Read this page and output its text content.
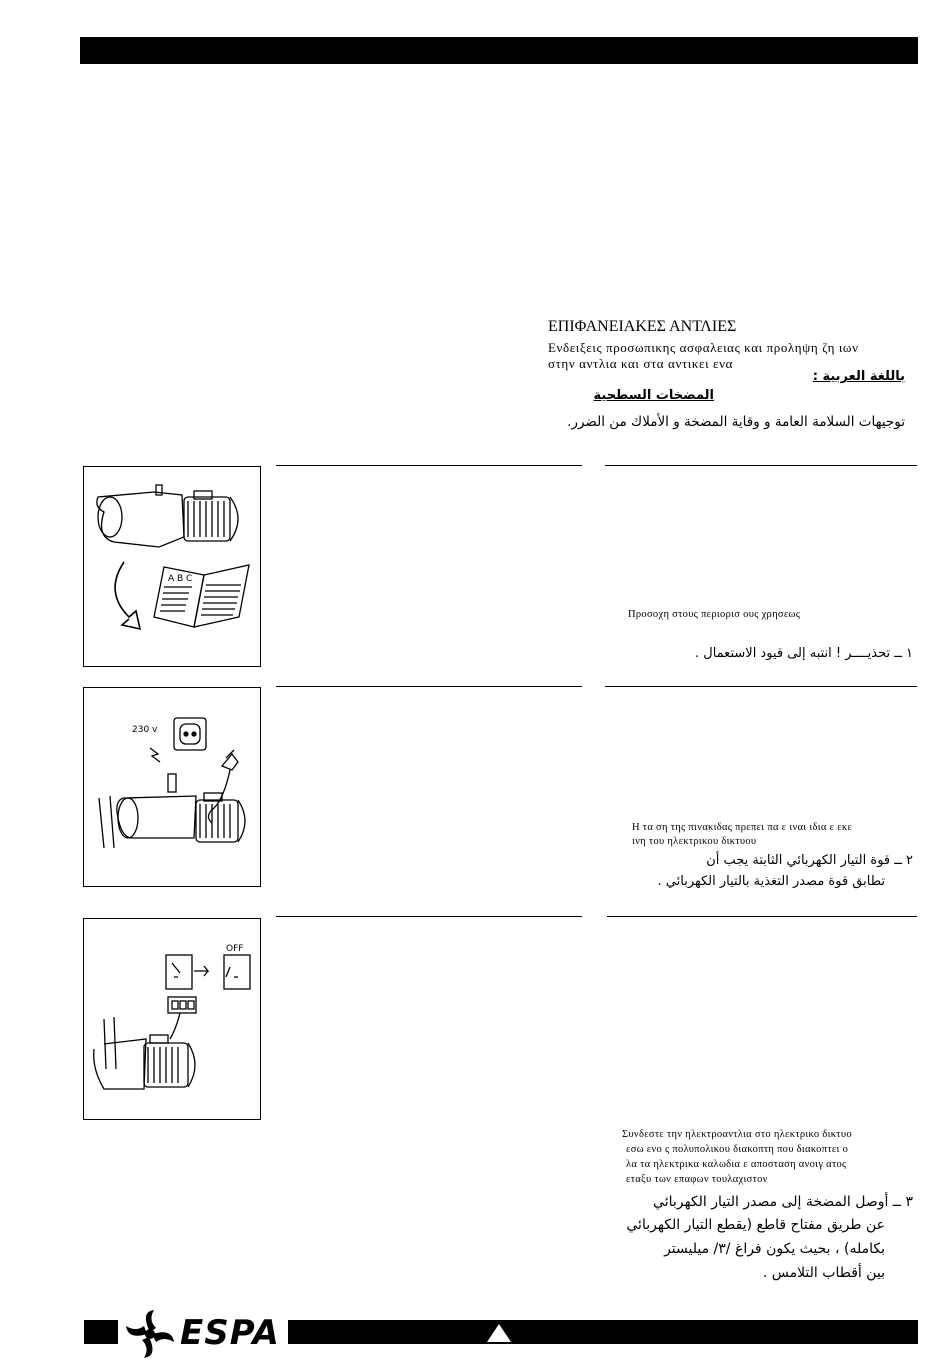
ΕΠΙΦΑΝΕΙΑΚΕΣ ΑΝΤΛΙΕΣ
Ενδειξεις προσωπικης ασφαλειας και προληψη ζη ιων
στην αντλια και στα αντικει ενα
باللغة العربية :
المضخات السطحية
توجيهات السلامة العامة و وقاية المضخة و الأملاك من الضرر.
A B C
Προσοχη στους περιορισ ους χρησεως
١ ــ تحذيــــر ! انتبه إلى قيود الاستعمال .
230 v
Η τα ση της πινακιδας πρεπει πα ε ιναι ιδια ε εκε
ινη του ηλεκτρικου δικτυου
٢ ــ قوة التيار الكهربائي الثابتة يجب أن
تطابق قوة مصدر التغذية بالتيار الكهربائي .
OFF
Συνδεστε την ηλεκτροαντλια στο ηλεκτρικο δικτυο
εσω ενο ς πολυπολικου διακοπτη που διακοπτει ο
λα τα ηλεκτρικα καλωδια ε αποσταση ανοιγ ατος
εταξυ των επαφων τουλαχιστον
٣ ــ أوصل المضخة إلى مصدر التيار الكهربائي
عن طريق مفتاح قاطع (يقطع التيار الكهربائي
بكامله) ، بحيث يكون فراغ /٣/ ميليستر
بين أقطاب التلامس .
ESPA
